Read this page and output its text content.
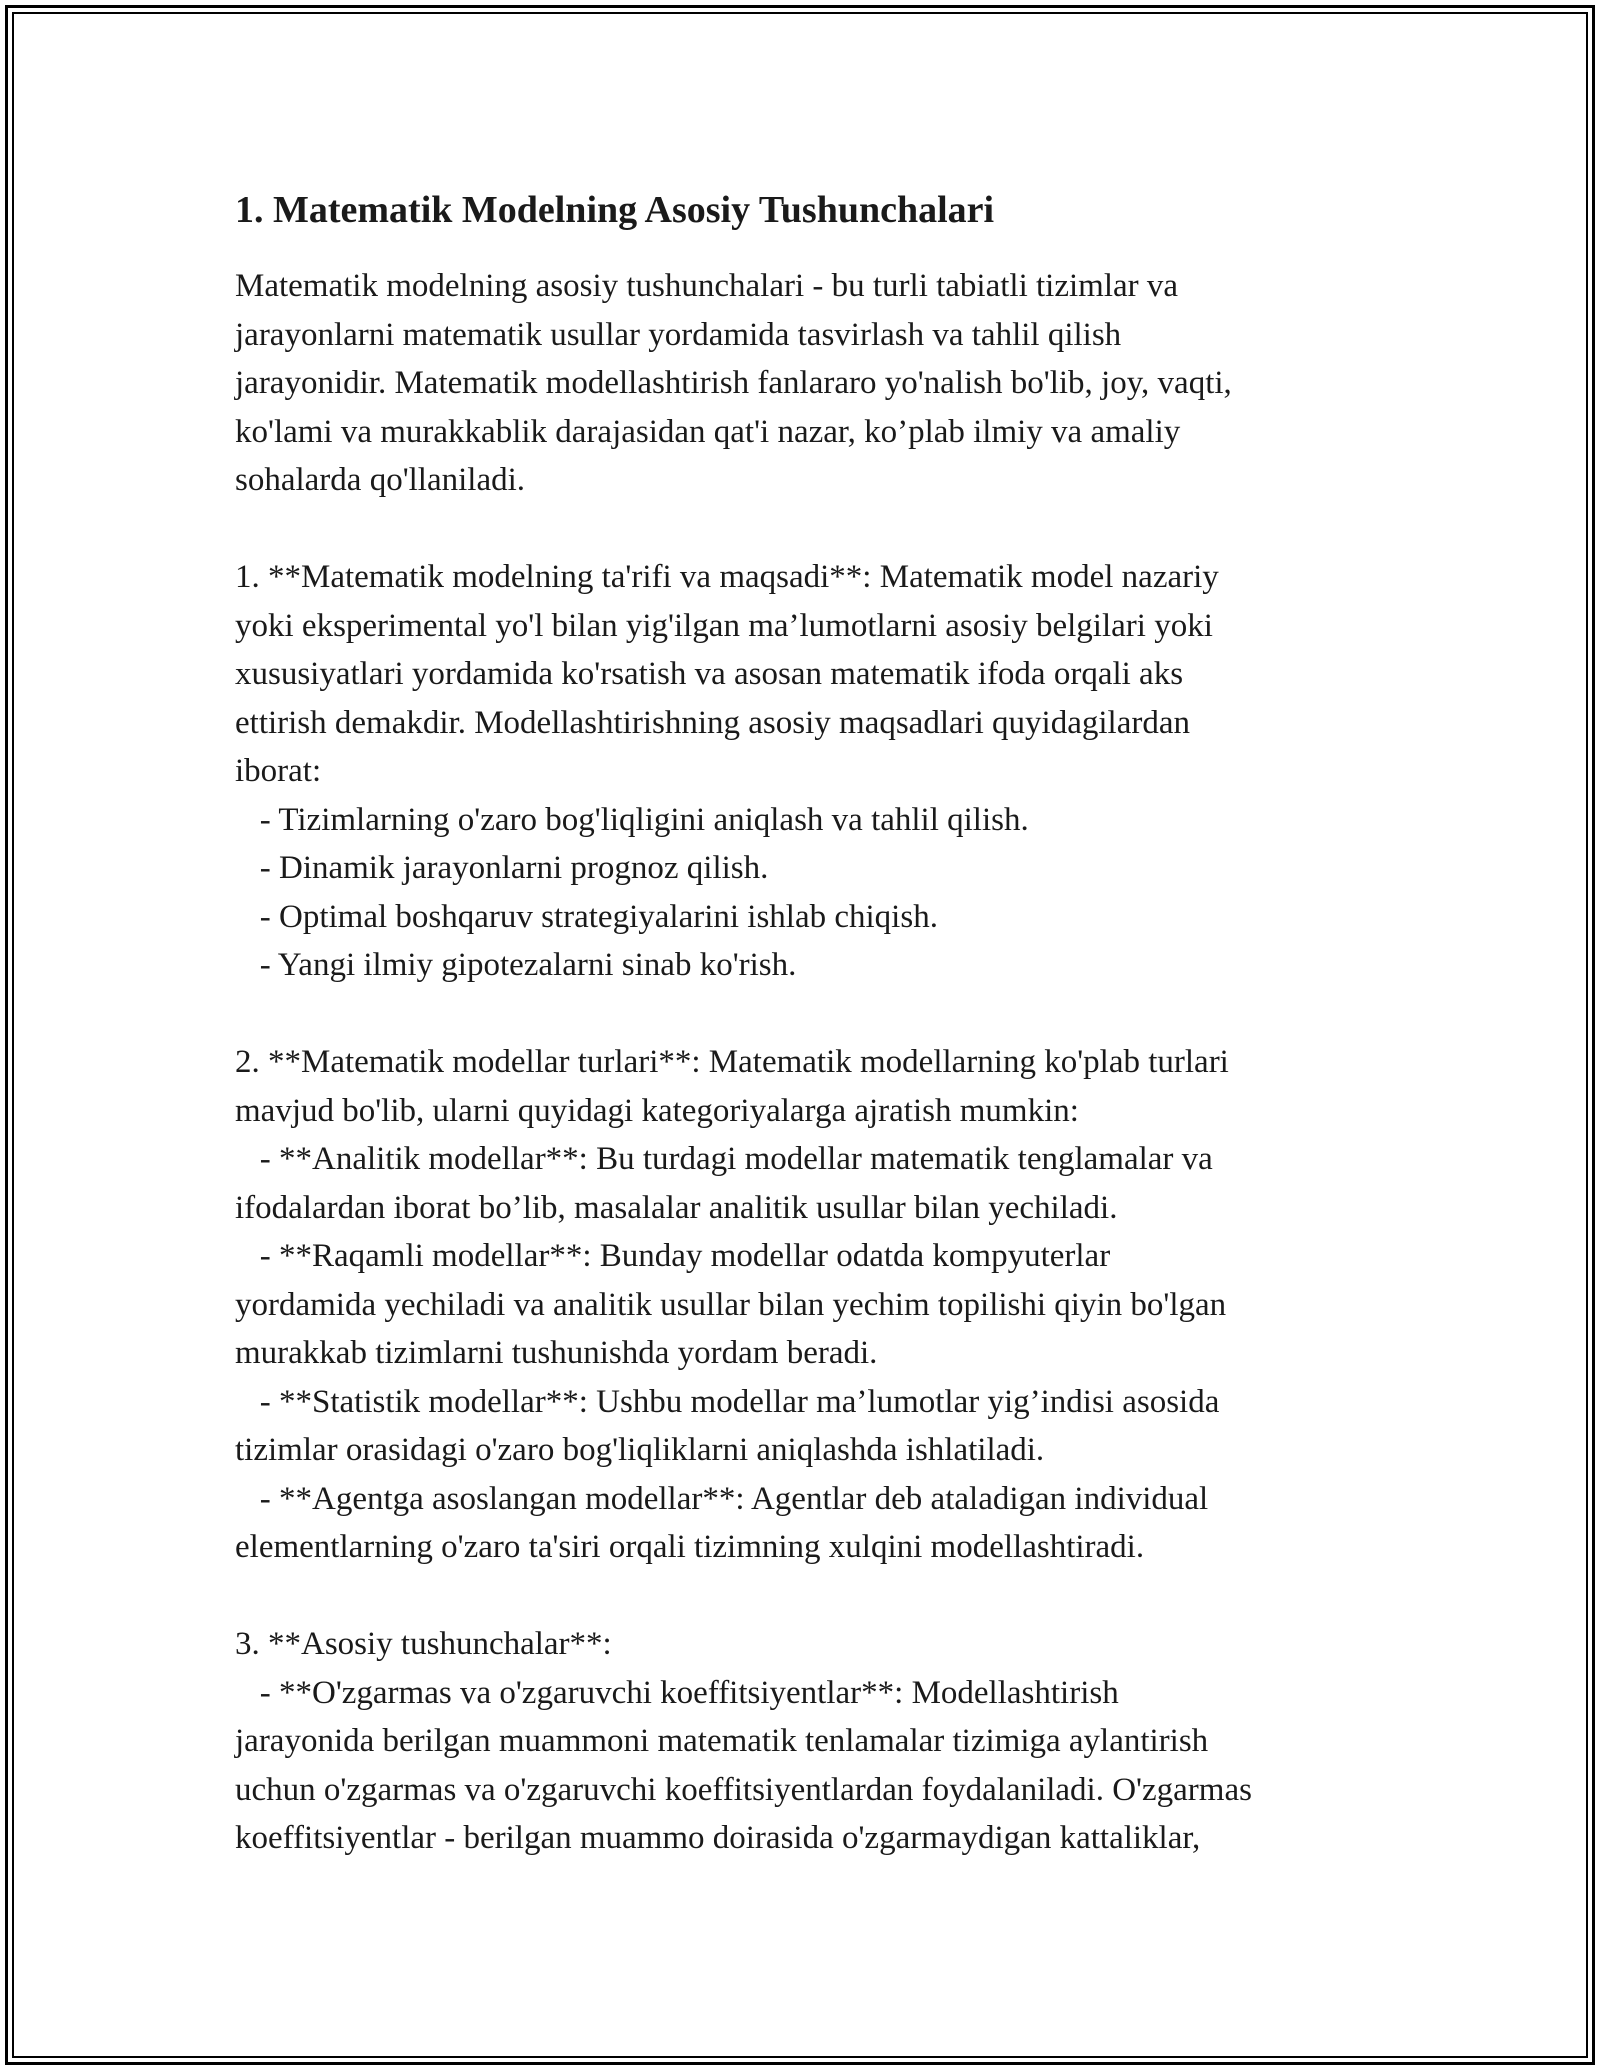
1. Matematik Modelning Asosiy Tushunchalari

Matematik modelning asosiy tushunchalari - bu turli tabiatli tizimlar va
jarayonlarni matematik usullar yordamida tasvirlash va tahlil qilish
jarayonidir. Matematik modellashtirish fanlararo yo'nalish bo'lib, joy, vaqti,
ko'lami va murakkablik darajasidan qat'i nazar, ko’plab ilmiy va amaliy
sohalarda qo'llaniladi.

1. **Matematik modelning ta'rifi va maqsadi**: Matematik model nazariy
yoki eksperimental yo'l bilan yig'ilgan ma’lumotlarni asosiy belgilari yoki
xususiyatlari yordamida ko'rsatish va asosan matematik ifoda orqali aks
ettirish demakdir. Modellashtirishning asosiy maqsadlari quyidagilardan
iborat:
- Tizimlarning o'zaro bog'liqligini aniqlash va tahlil qilish.
- Dinamik jarayonlarni prognoz qilish.
- Optimal boshqaruv strategiyalarini ishlab chiqish.
- Yangi ilmiy gipotezalarni sinab ko'rish.

2. **Matematik modellar turlari**: Matematik modellarning ko'plab turlari
mavjud bo'lib, ularni quyidagi kategoriyalarga ajratish mumkin:
- **Analitik modellar**: Bu turdagi modellar matematik tenglamalar va
ifodalardan iborat bo’lib, masalalar analitik usullar bilan yechiladi.
- **Raqamli modellar**: Bunday modellar odatda kompyuterlar
yordamida yechiladi va analitik usullar bilan yechim topilishi qiyin bo'lgan
murakkab tizimlarni tushunishda yordam beradi.
- **Statistik modellar**: Ushbu modellar ma’lumotlar yig’indisi asosida
tizimlar orasidagi o'zaro bog'liqliklarni aniqlashda ishlatiladi.
- **Agentga asoslangan modellar**: Agentlar deb ataladigan individual
elementlarning o'zaro ta'siri orqali tizimning xulqini modellashtiradi.

3. **Asosiy tushunchalar**:
- **O'zgarmas va o'zgaruvchi koeffitsiyentlar**: Modellashtirish
jarayonida berilgan muammoni matematik tenlamalar tizimiga aylantirish
uchun o'zgarmas va o'zgaruvchi koeffitsiyentlardan foydalaniladi. O'zgarmas
koeffitsiyentlar - berilgan muammo doirasida o'zgarmaydigan kattaliklar,
